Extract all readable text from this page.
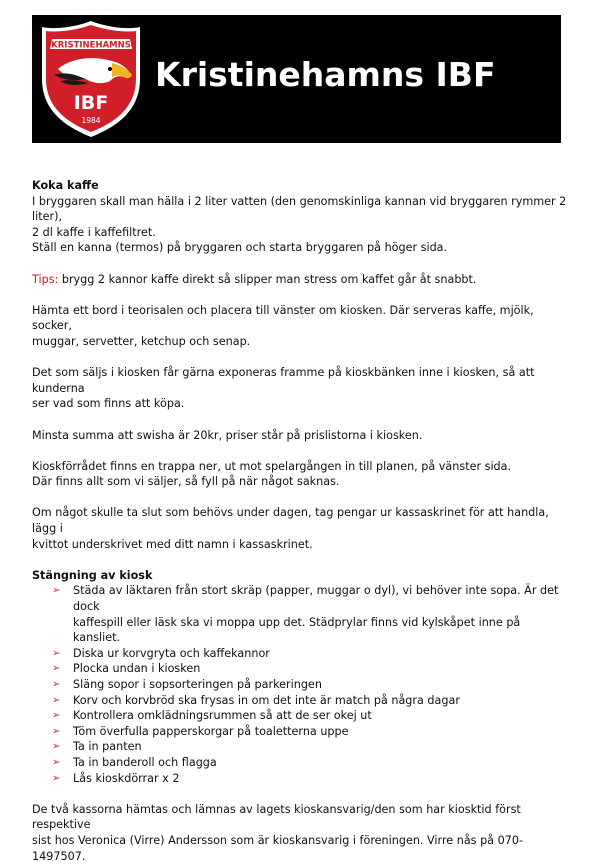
KRISTINEHAMNS
IBF
1984
Kristinehamns IBF

Koka kaffe

I bryggaren skall man hälla i 2 liter vatten (den genomskinliga kannan vid bryggaren rymmer 2 liter),

2 dl kaffe i kaffefiltret.

Ställ en kanna (termos) på bryggaren och starta bryggaren på höger sida.

Tips: brygg 2 kannor kaffe direkt så slipper man stress om kaffet går åt snabbt.

Hämta ett bord i teorisalen och placera till vänster om kiosken. Där serveras kaffe, mjölk, socker,

muggar, servetter, ketchup och senap.

Det som säljs i kiosken får gärna exponeras framme på kioskbänken inne i kiosken, så att kunderna

ser vad som finns att köpa.

Minsta summa att swisha är 20kr, priser står på prislistorna i kiosken.

Kioskförrådet finns en trappa ner, ut mot spelargången in till planen, på vänster sida.

Där finns allt som vi säljer, så fyll på när något saknas.

Om något skulle ta slut som behövs under dagen, tag pengar ur kassaskrinet för att handla, lägg i

kvittot underskrivet med ditt namn i kassaskrinet.

Stängning av kiosk

➢ Städa av läktaren från stort skräp (papper, muggar o dyl), vi behöver inte sopa. Är det dock
kaffespill eller läsk ska vi moppa upp det. Städprylar finns vid kylskåpet inne på kansliet.
➢ Diska ur korvgryta och kaffekannor
➢ Plocka undan i kiosken
➢ Släng sopor i sopsorteringen på parkeringen
➢ Korv och korvbröd ska frysas in om det inte är match på några dagar
➢ Kontrollera omklädningsrummen så att de ser okej ut
➢ Töm överfulla papperskorgar på toaletterna uppe
➢ Ta in panten
➢ Ta in banderoll och flagga
➢ Lås kioskdörrar x 2

De två kassorna hämtas och lämnas av lagets kioskansvarig/den som har kiosktid först respektive

sist hos Veronica (Virre) Andersson som är kioskansvarig i föreningen. Virre nås på 070-1497507.
